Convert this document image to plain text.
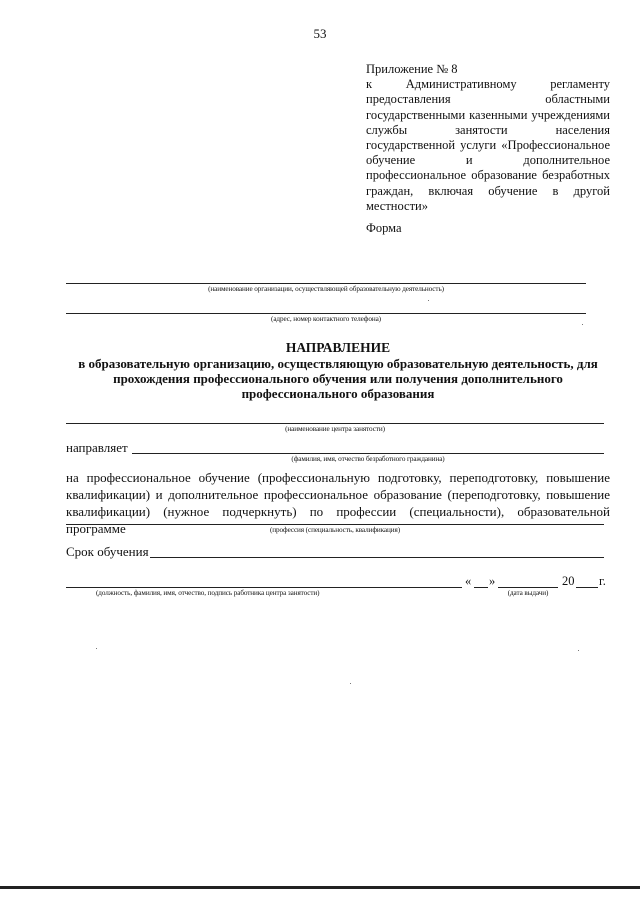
53
Приложение № 8
к Административному регламенту предоставления областными государственными казенными учреждениями службы занятости населения государственной услуги «Профессиональное обучение и дополнительное профессиональное образование безработных граждан, включая обучение в другой местности»
Форма
(наименование организации, осуществляющей образовательную деятельность)
(адрес, номер контактного телефона)
НАПРАВЛЕНИЕ
в образовательную организацию, осуществляющую образовательную деятельность, для прохождения профессионального обучения или получения дополнительного профессионального образования
(наименование центра занятости)
направляет
(фамилия, имя, отчество безработного гражданина)
на профессиональное обучение (профессиональную подготовку, переподготовку, повышение квалификации) и дополнительное профессиональное образование (переподготовку, повышение квалификации) (нужное подчеркнуть) по профессии (специальности), образовательной программе	(профессия (специальность, квалификация)
Срок обучения
(должность, фамилия, имя, отчество, подпись работника центра занятости)
« »
(дата выдачи)
20 г.
